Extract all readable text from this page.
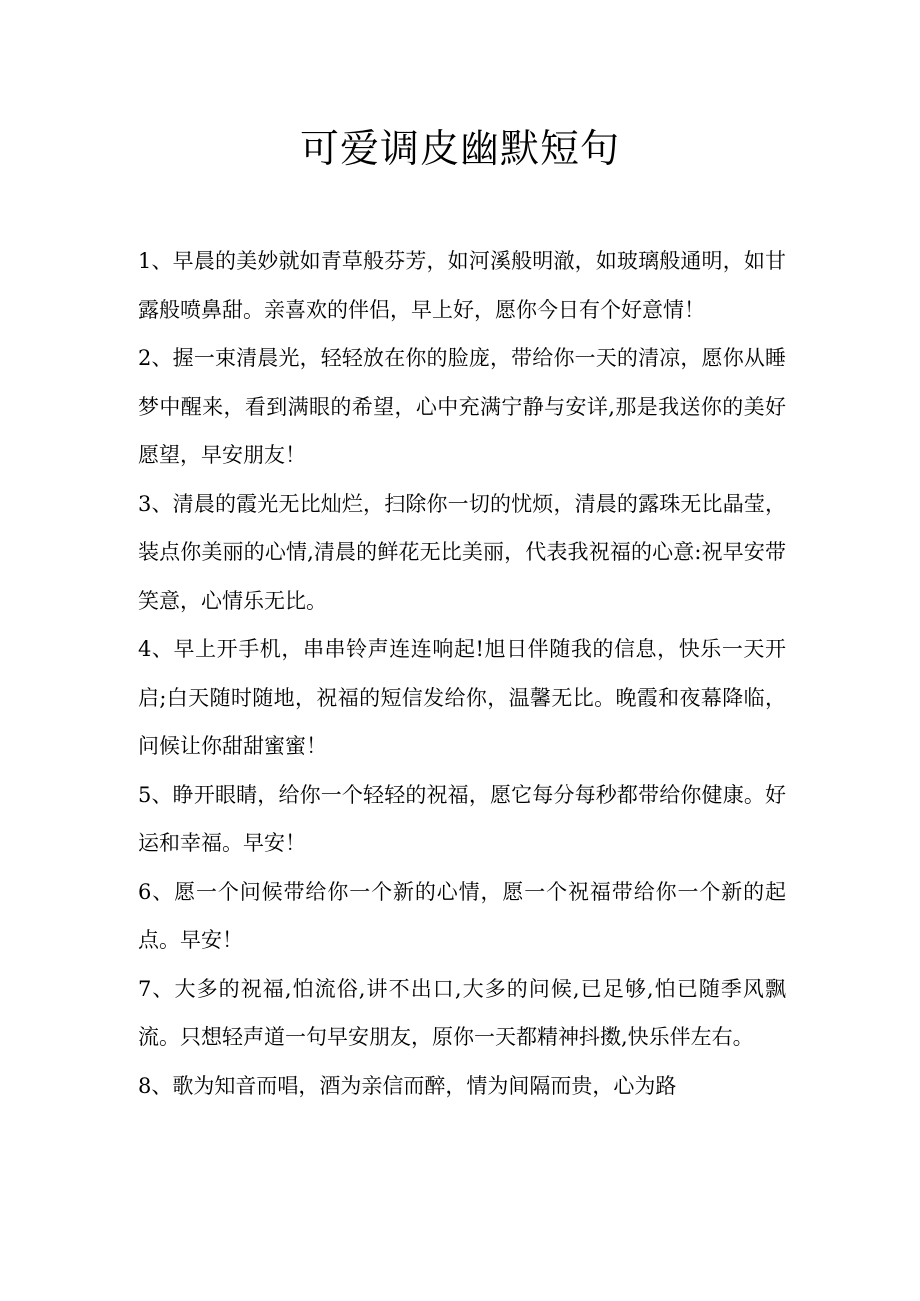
可爱调皮幽默短句

1、早晨的美妙就如青草般芬芳，如河溪般明澈，如玻璃般通明，如甘露般喷鼻甜。亲喜欢的伴侣，早上好，愿你今日有个好意情！

2、握一束清晨光，轻轻放在你的脸庞，带给你一天的清凉，愿你从睡梦中醒来，看到满眼的希望，心中充满宁静与安详,那是我送你的美好愿望，早安朋友！

3、清晨的霞光无比灿烂，扫除你一切的忧烦，清晨的露珠无比晶莹，装点你美丽的心情,清晨的鲜花无比美丽，代表我祝福的心意:祝早安带笑意，心情乐无比。

4、早上开手机，串串铃声连连响起!旭日伴随我的信息，快乐一天开启;白天随时随地，祝福的短信发给你，温馨无比。晚霞和夜幕降临，问候让你甜甜蜜蜜！

5、睁开眼睛，给你一个轻轻的祝福，愿它每分每秒都带给你健康。好运和幸福。早安！

6、愿一个问候带给你一个新的心情，愿一个祝福带给你一个新的起点。早安！

7、大多的祝福,怕流俗,讲不出口,大多的问候,已足够,怕已随季风飘流。只想轻声道一句早安朋友，原你一天都精神抖擞,快乐伴左右。

8、歌为知音而唱，酒为亲信而醉，情为间隔而贵，心为路
